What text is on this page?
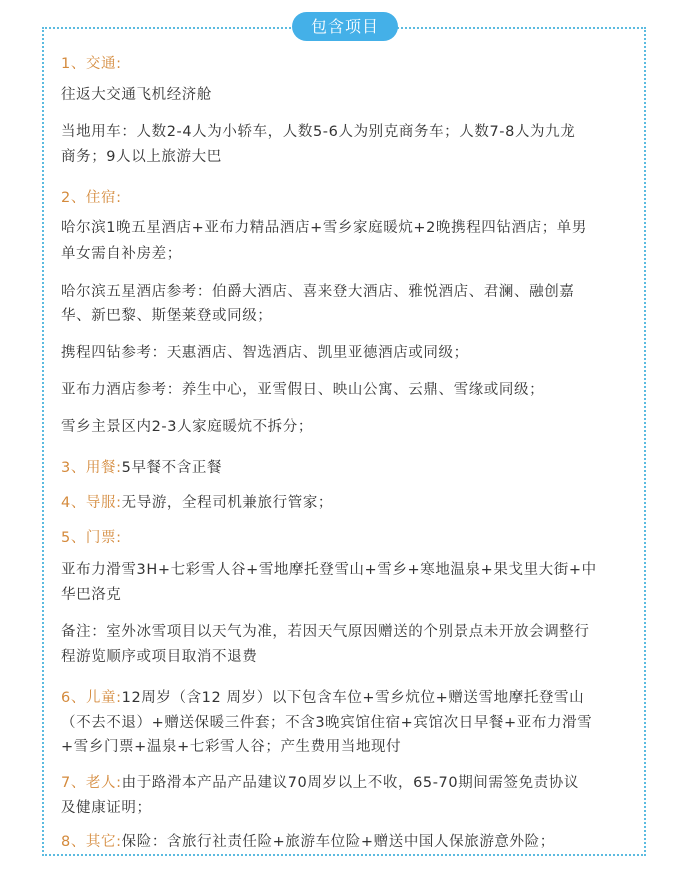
包含项目
1、交通:
往返大交通飞机经济舱
当地用车：人数2-4人为小轿车，人数5-6人为别克商务车；人数7-8人为九龙
商务；9人以上旅游大巴
2、住宿:
哈尔滨1晚五星酒店+亚布力精品酒店+雪乡家庭暖炕+2晚携程四钻酒店；单男
单女需自补房差；
哈尔滨五星酒店参考：伯爵大酒店、喜来登大酒店、雅悦酒店、君澜、融创嘉
华、新巴黎、斯堡莱登或同级；
携程四钻参考：天惠酒店、智选酒店、凯里亚德酒店或同级；
亚布力酒店参考：养生中心，亚雪假日、映山公寓、云鼎、雪缘或同级；
雪乡主景区内2-3人家庭暖炕不拆分；
3、用餐:5早餐不含正餐
4、导服:无导游，全程司机兼旅行管家；
5、门票:
亚布力滑雪3H+七彩雪人谷+雪地摩托登雪山+雪乡+寒地温泉+果戈里大街+中
华巴洛克
备注：室外冰雪项目以天气为准，若因天气原因赠送的个别景点未开放会调整行
程游览顺序或项目取消不退费
6、儿童:12周岁（含12 周岁）以下包含车位+雪乡炕位+赠送雪地摩托登雪山
（不去不退）+赠送保暖三件套；不含3晚宾馆住宿+宾馆次日早餐+亚布力滑雪
+雪乡门票+温泉+七彩雪人谷；产生费用当地现付
7、老人:由于路滑本产品产品建议70周岁以上不收，65-70期间需签免责协议
及健康证明；
8、其它:保险：含旅行社责任险+旅游车位险+赠送中国人保旅游意外险；
